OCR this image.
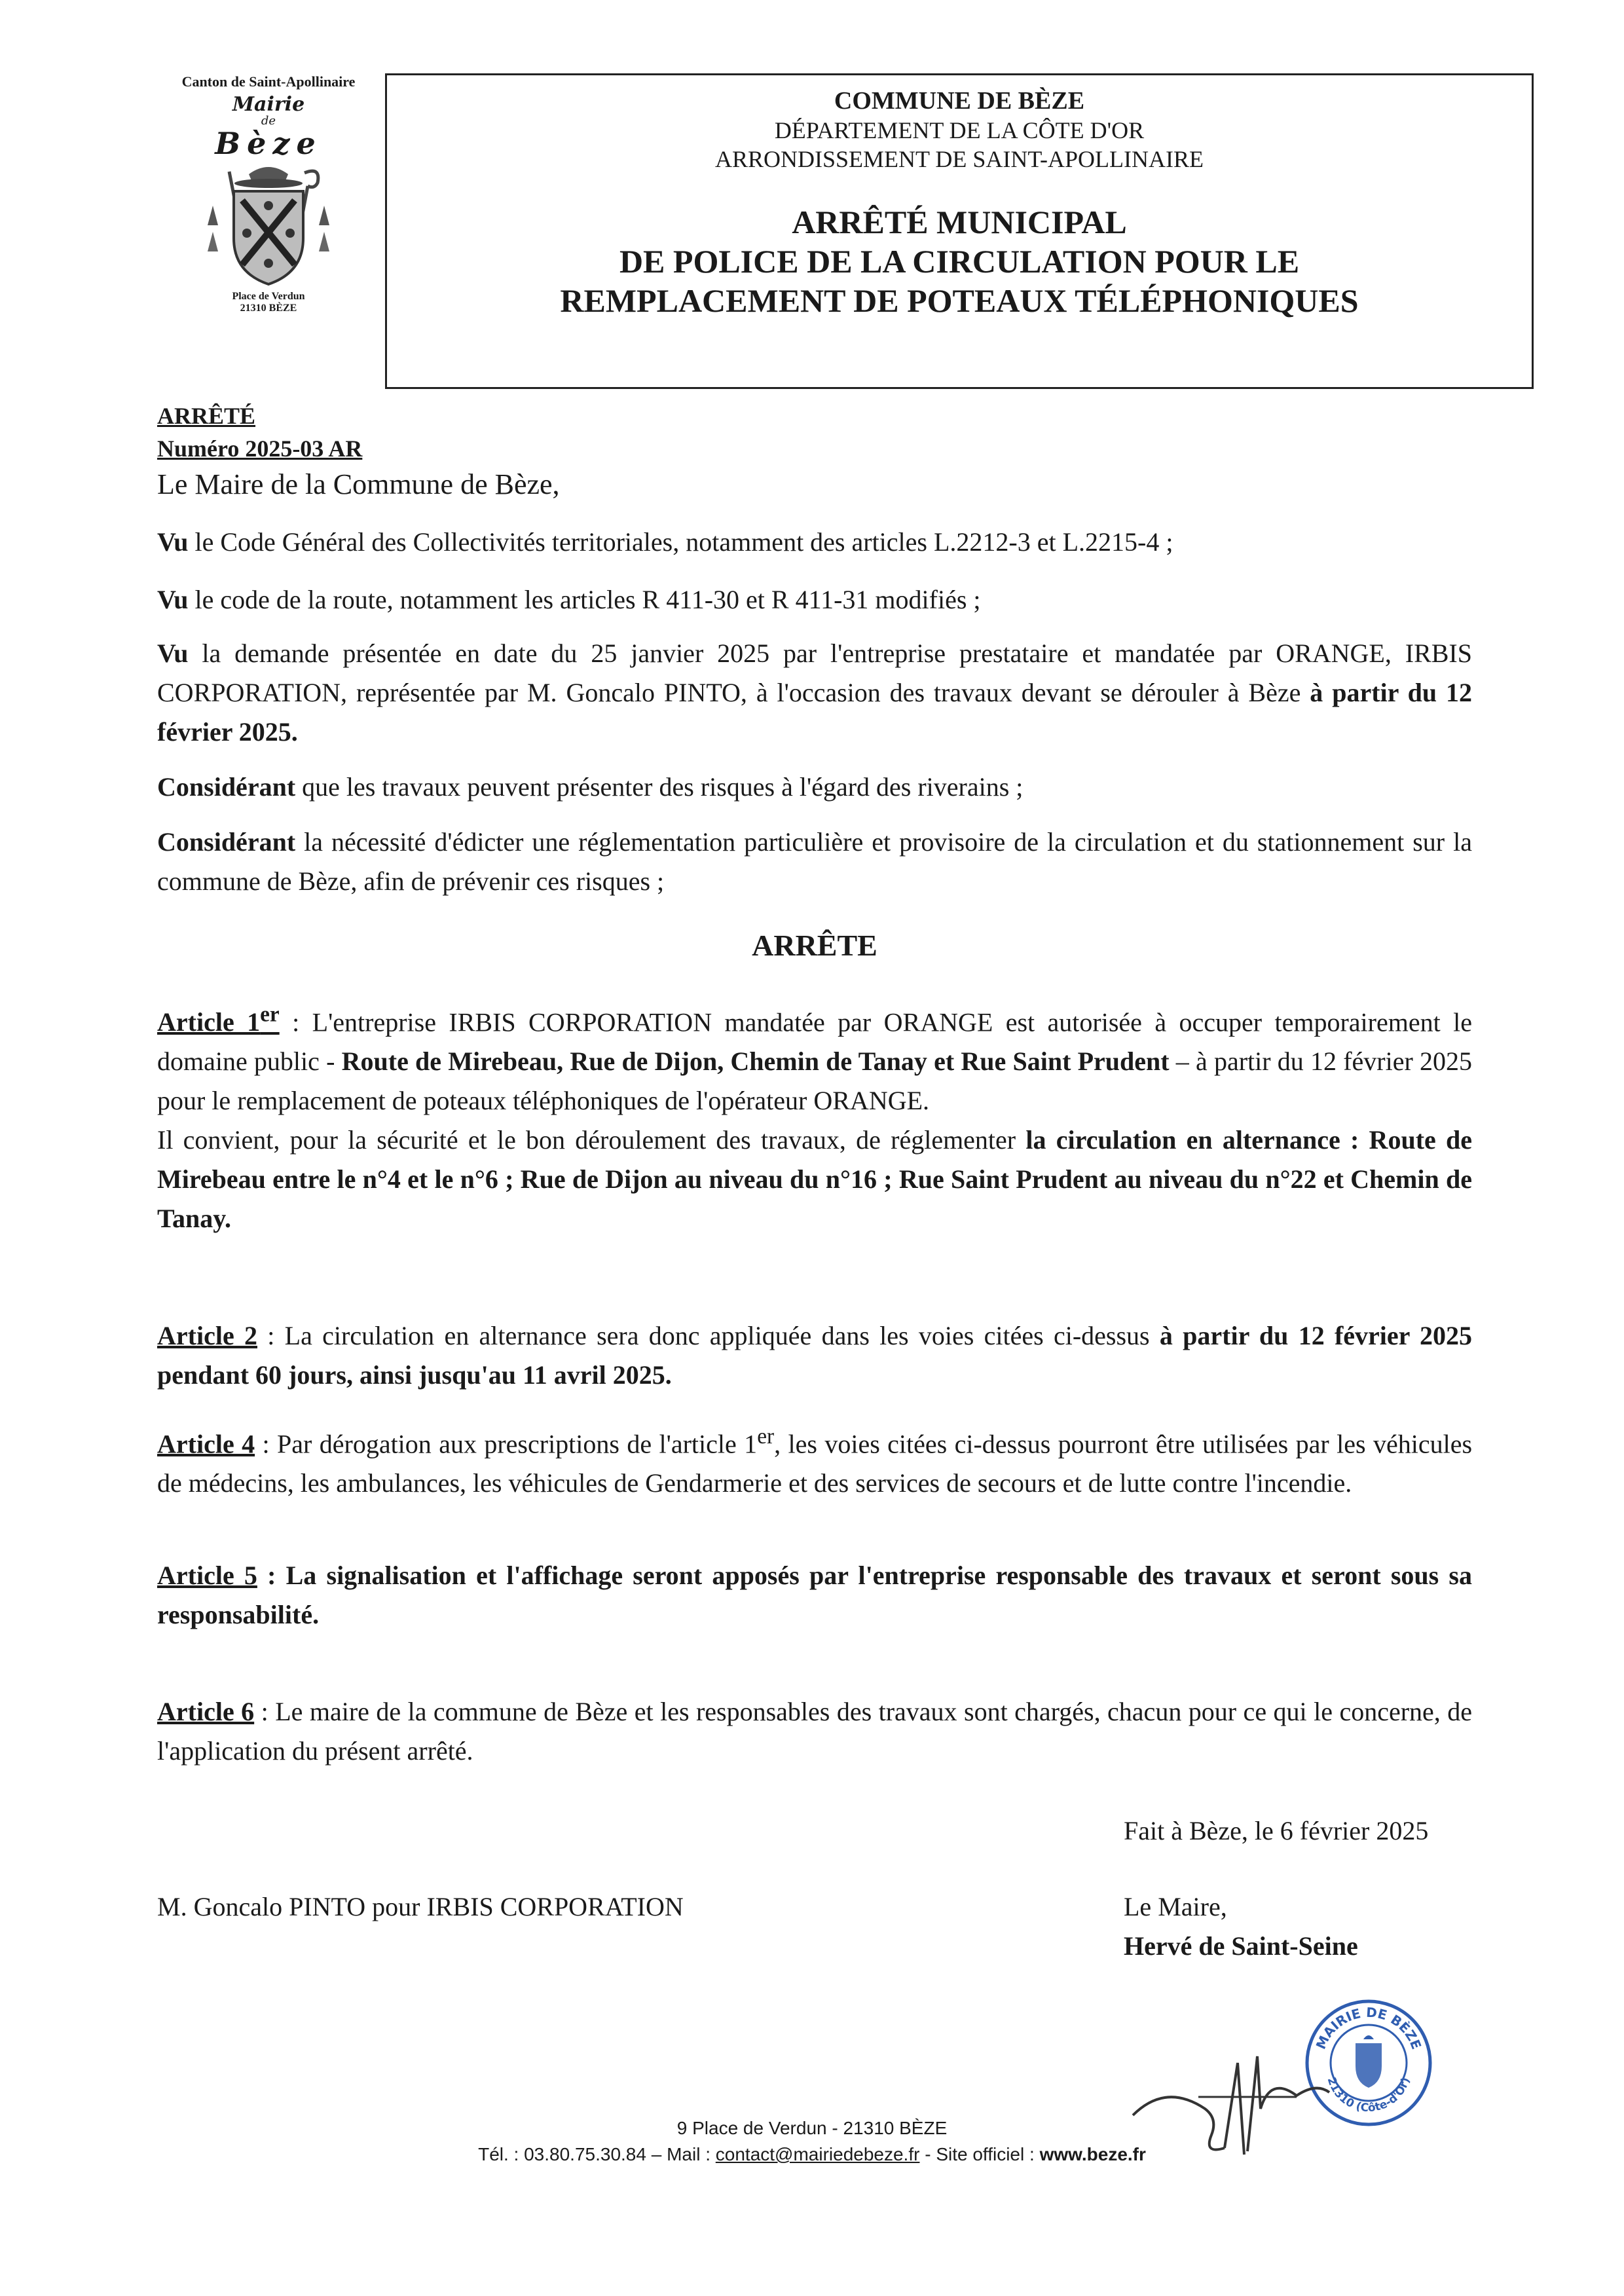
Canton de Saint-Apollinaire
Mairie
de
Bèze
Place de Verdun
21310 BÈZE
COMMUNE DE BÈZE
DÉPARTEMENT DE LA CÔTE D'OR
ARRONDISSEMENT DE SAINT-APOLLINAIRE
ARRÊTÉ MUNICIPAL
DE POLICE DE LA CIRCULATION POUR LE
REMPLACEMENT DE POTEAUX TÉLÉPHONIQUES
ARRÊTÉ
Numéro 2025-03 AR
Le Maire de la Commune de Bèze,
Vu le Code Général des Collectivités territoriales, notamment des articles L.2212-3 et L.2215-4 ;
Vu le code de la route, notamment les articles R 411-30 et R 411-31 modifiés ;
Vu la demande présentée en date du 25 janvier 2025 par l'entreprise prestataire et mandatée par ORANGE, IRBIS CORPORATION, représentée par M. Goncalo PINTO, à l'occasion des travaux devant se dérouler à Bèze à partir du 12 février 2025.
Considérant que les travaux peuvent présenter des risques à l'égard des riverains ;
Considérant la nécessité d'édicter une réglementation particulière et provisoire de la circulation et du stationnement sur la commune de Bèze, afin de prévenir ces risques ;
ARRÊTE
Article 1er : L'entreprise IRBIS CORPORATION mandatée par ORANGE est autorisée à occuper temporairement le domaine public - Route de Mirebeau, Rue de Dijon, Chemin de Tanay et Rue Saint Prudent – à partir du 12 février 2025 pour le remplacement de poteaux téléphoniques de l'opérateur ORANGE.
Il convient, pour la sécurité et le bon déroulement des travaux, de réglementer la circulation en alternance : Route de Mirebeau entre le n°4 et le n°6 ; Rue de Dijon au niveau du n°16 ; Rue Saint Prudent au niveau du n°22 et Chemin de Tanay.
Article 2 : La circulation en alternance sera donc appliquée dans les voies citées ci-dessus à partir du 12 février 2025 pendant 60 jours, ainsi jusqu'au 11 avril 2025.
Article 4 : Par dérogation aux prescriptions de l'article 1er, les voies citées ci-dessus pourront être utilisées par les véhicules de médecins, les ambulances, les véhicules de Gendarmerie et des services de secours et de lutte contre l'incendie.
Article 5 : La signalisation et l'affichage seront apposés par l'entreprise responsable des travaux et seront sous sa responsabilité.
Article 6 : Le maire de la commune de Bèze et les responsables des travaux sont chargés, chacun pour ce qui le concerne, de l'application du présent arrêté.
Fait à Bèze, le 6 février 2025
M. Goncalo PINTO pour IRBIS CORPORATION	Le Maire,
Hervé de Saint-Seine
MAIRIE DE BÈZE
21310 (Côte-d'Or)
9 Place de Verdun - 21310 BÈZE
Tél. : 03.80.75.30.84 – Mail : contact@mairiedebeze.fr - Site officiel : www.beze.fr
